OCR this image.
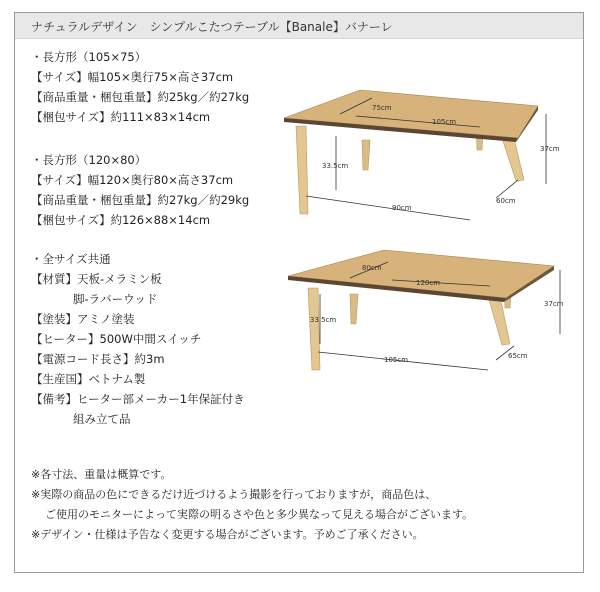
ナチュラルデザイン　シンプルこたつテーブル【Banale】バナーレ
・長方形（105×75）
【サイズ】幅105×奥行75×高さ37cm
【商品重量・梱包重量】約25kg／約27kg
【梱包サイズ】約111×83×14cm
・長方形（120×80）
【サイズ】幅120×奥行80×高さ37cm
【商品重量・梱包重量】約27kg／約29kg
【梱包サイズ】約126×88×14cm
・全サイズ共通
【材質】天板-メラミン板
脚-ラバーウッド
【塗装】アミノ塗装
【ヒーター】500W中間スイッチ
【電源コード長さ】約3m
【生産国】ベトナム製
【備考】ヒーター部メーカー1年保証付き
組み立て品
※各寸法、重量は概算です。
※実際の商品の色にできるだけ近づけるよう撮影を行っておりますが，商品色は、
ご使用のモニターによって実際の明るさや色と多少異なって見える場合がございます。
※デザイン・仕様は予告なく変更する場合がございます。予めご了承ください。
75cm
105cm
37cm
33.5cm
90cm
60cm
80cm
120cm
37cm
33.5cm
105cm	65cm
